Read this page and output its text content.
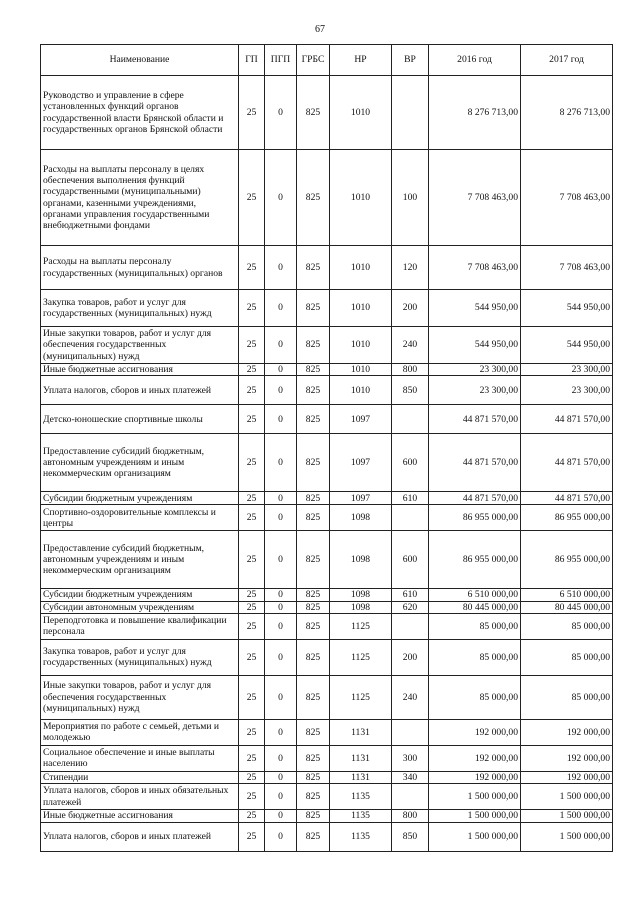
67
Наименование	ГП	ПГП	ГРБС	НР	ВР	2016 год	2017 год
Руководство и управление в сфере установленных функций органов государственной власти Брянской области и государственных органов Брянской области	25	0	825	1010		8 276 713,00	8 276 713,00
Расходы на выплаты персоналу в целях обеспечения выполнения функций государственными (муниципальными) органами, казенными учреждениями, органами управления государственными внебюджетными фондами	25	0	825	1010	100	7 708 463,00	7 708 463,00
Расходы на выплаты персоналу государственных (муниципальных) органов	25	0	825	1010	120	7 708 463,00	7 708 463,00
Закупка товаров, работ и услуг для государственных (муниципальных) нужд	25	0	825	1010	200	544 950,00	544 950,00
Иные закупки товаров, работ и услуг для обеспечения государственных (муниципальных) нужд	25	0	825	1010	240	544 950,00	544 950,00
Иные бюджетные ассигнования	25	0	825	1010	800	23 300,00	23 300,00
Уплата налогов, сборов и иных платежей	25	0	825	1010	850	23 300,00	23 300,00
Детско-юношеские спортивные школы	25	0	825	1097		44 871 570,00	44 871 570,00
Предоставление субсидий бюджетным, автономным учреждениям и иным некоммерческим организациям	25	0	825	1097	600	44 871 570,00	44 871 570,00
Субсидии бюджетным учреждениям	25	0	825	1097	610	44 871 570,00	44 871 570,00
Спортивно-оздоровительные комплексы и центры	25	0	825	1098		86 955 000,00	86 955 000,00
Предоставление субсидий бюджетным, автономным учреждениям и иным некоммерческим организациям	25	0	825	1098	600	86 955 000,00	86 955 000,00
Субсидии бюджетным учреждениям	25	0	825	1098	610	6 510 000,00	6 510 000,00
Субсидии автономным учреждениям	25	0	825	1098	620	80 445 000,00	80 445 000,00
Переподготовка и повышение квалификации персонала	25	0	825	1125		85 000,00	85 000,00
Закупка товаров, работ и услуг для государственных (муниципальных) нужд	25	0	825	1125	200	85 000,00	85 000,00
Иные закупки товаров, работ и услуг для обеспечения государственных (муниципальных) нужд	25	0	825	1125	240	85 000,00	85 000,00
Мероприятия по работе с семьей, детьми и молодежью	25	0	825	1131		192 000,00	192 000,00
Социальное обеспечение и иные выплаты населению	25	0	825	1131	300	192 000,00	192 000,00
Стипендии	25	0	825	1131	340	192 000,00	192 000,00
Уплата налогов, сборов и иных обязательных платежей	25	0	825	1135		1 500 000,00	1 500 000,00
Иные бюджетные ассигнования	25	0	825	1135	800	1 500 000,00	1 500 000,00
Уплата налогов, сборов и иных платежей	25	0	825	1135	850	1 500 000,00	1 500 000,00
